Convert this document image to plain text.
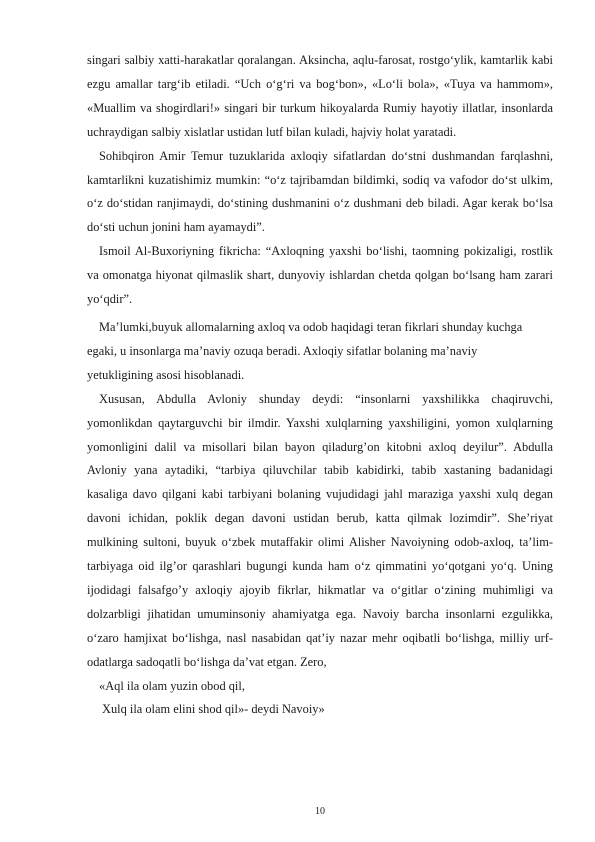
singari salbiy xatti-harakatlar qoralangan. Aksincha, aqlu-farosat, rostgo‘ylik, kamtarlik kabi ezgu amallar targ‘ib etiladi. “Uch o‘g‘ri va bog‘bon», «Lo‘li bola», «Tuya va hammom», «Muallim va shogirdlari!» singari bir turkum hikoyalarda Rumiy hayotiy illatlar, insonlarda uchraydigan salbiy xislatlar ustidan lutf bilan kuladi, hajviy holat yaratadi.

Sohibqiron Amir Temur tuzuklarida axloqiy sifatlardan do‘stni dushmandan farqlashni, kamtarlikni kuzatishimiz mumkin: “o‘z tajribamdan bildimki, sodiq va vafodor do‘st ulkim, o‘z do‘stidan ranjimaydi, do‘stining dushmanini o‘z dushmani deb biladi. Agar kerak bo‘lsa do‘sti uchun jonini ham ayamaydi”.

Ismoil Al-Buxoriyning fikricha: “Axloqning yaxshi bo‘lishi, taomning pokizaligi, rostlik va omonatga hiyonat qilmaslik shart, dunyoviy ishlardan chetda qolgan bo‘lsang ham zarari yo‘qdir”.

Ma’lumki,buyuk allomalarning axloq va odob haqidagi teran fikrlari shunday kuchga egaki, u insonlarga ma’naviy ozuqa beradi. Axloqiy sifatlar bolaning ma’naviy yetukligining asosi hisoblanadi.

Xususan, Abdulla Avloniy shunday deydi: “insonlarni yaxshilikka chaqiruvchi, yomonlikdan qaytarguvchi bir ilmdir. Yaxshi xulqlarning yaxshiligini, yomon xulqlarning yomonligini dalil va misollari bilan bayon qiladurg’on kitobni axloq deyilur”. Abdulla Avloniy yana aytadiki, “tarbiya qiluvchilar tabib kabidirki, tabib xastaning badanidagi kasaliga davo qilgani kabi tarbiyani bolaning vujudidagi jahl maraziga yaxshi xulq degan davoni ichidan, poklik degan davoni ustidan berub, katta qilmak lozimdir”. She’riyat mulkining sultoni, buyuk o‘zbek mutaffakir olimi Alisher Navoiyning odob-axloq, ta’lim-tarbiyaga oid ilg’or qarashlari bugungi kunda ham o‘z qimmatini yo‘qotgani yo‘q. Uning ijodidagi falsafgo’y axloqiy ajoyib fikrlar, hikmatlar va o‘gitlar o‘zining muhimligi va dolzarbligi jihatidan umuminsoniy ahamiyatga ega. Navoiy barcha insonlarni ezgulikka, o‘zaro hamjixat bo‘lishga, nasl nasabidan qat’iy nazar mehr oqibatli bo‘lishga, milliy urf-odatlarga sadoqatli bo‘lishga da’vat etgan. Zero,

«Aql ila olam yuzin obod qil,

Xulq ila olam elini shod qil»- deydi Navoiy»

10
